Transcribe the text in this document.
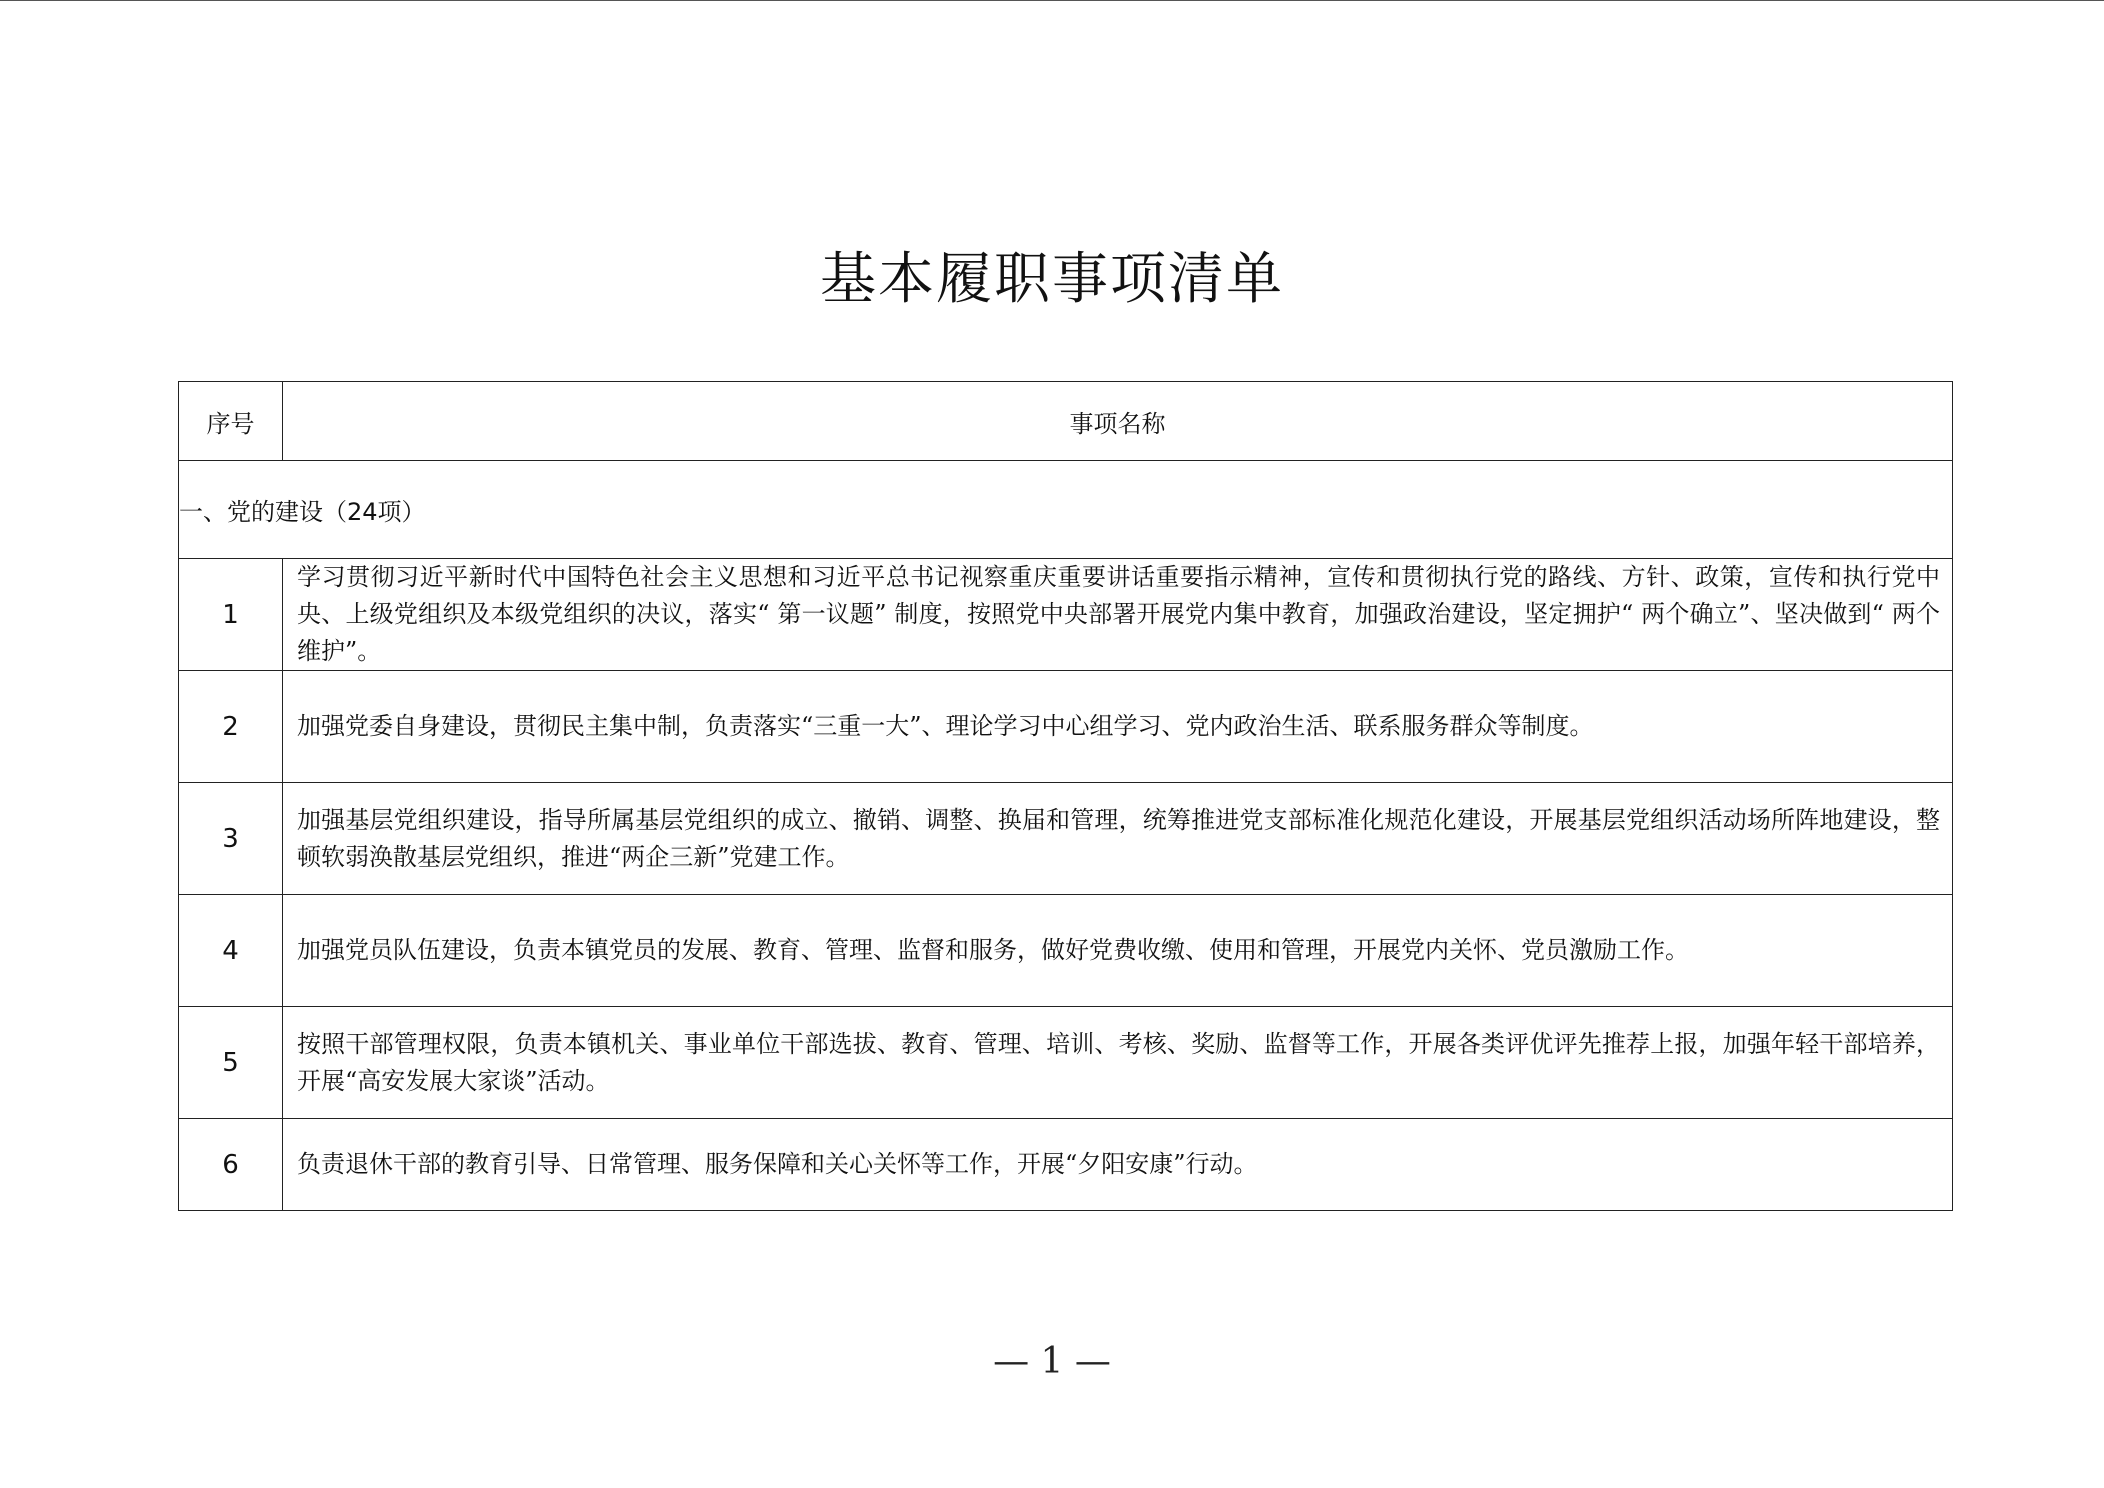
基本履职事项清单
序号	事项名称
一、党的建设（24项）	
1	学习贯彻习近平新时代中国特色社会主义思想和习近平总书记视察重庆重要讲话重要指示精神，宣传和贯彻执行党的路线、方针、政策，宣传和执行党中央、上级党组织及本级党组织的决议，落实“ 第一议题” 制度，按照党中央部署开展党内集中教育，加强政治建设，坚定拥护“ 两个确立”、坚决做到“ 两个维护”。
2	加强党委自身建设，贯彻民主集中制，负责落实“三重一大”、理论学习中心组学习、党内政治生活、联系服务群众等制度。
3	加强基层党组织建设，指导所属基层党组织的成立、撤销、调整、换届和管理，统筹推进党支部标准化规范化建设，开展基层党组织活动场所阵地建设，整顿软弱涣散基层党组织，推进“两企三新”党建工作。
4	加强党员队伍建设，负责本镇党员的发展、教育、管理、监督和服务，做好党费收缴、使用和管理，开展党内关怀、党员激励工作。
5	按照干部管理权限，负责本镇机关、事业单位干部选拔、教育、管理、培训、考核、奖励、监督等工作，开展各类评优评先推荐上报，加强年轻干部培养，开展“高安发展大家谈”活动。
6	负责退休干部的教育引导、日常管理、服务保障和关心关怀等工作，开展“夕阳安康”行动。
— 1 —
